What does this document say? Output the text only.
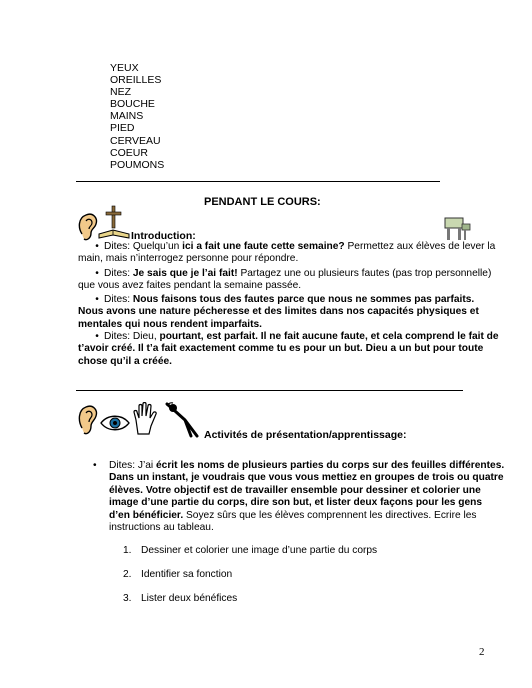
YEUX
OREILLES
NEZ
BOUCHE
MAINS
PIED
CERVEAU
COEUR
POUMONS
PENDANT LE COURS:
Introduction:
• Dites: Quelqu’un ici a fait une faute cette semaine? Permettez aux élèves de lever la main, mais n’interrogez personne pour répondre.
• Dites: Je sais que je l’ai fait! Partagez une ou plusieurs fautes (pas trop personnelle) que vous avez faites pendant la semaine passée.
• Dites: Nous faisons tous des fautes parce que nous ne sommes pas parfaits. Nous avons une nature pécheresse et des limites dans nos capacités physiques et mentales qui nous rendent imparfaits.
• Dites: Dieu, pourtant, est parfait. Il ne fait aucune faute, et cela comprend le fait de t’avoir créé. Il t’a fait exactement comme tu es pour un but. Dieu a un but pour toute chose qu’il a créée.
Activités de présentation/apprentissage:
• Dites: J’ai écrit les noms de plusieurs parties du corps sur des feuilles différentes. Dans un instant, je voudrais que vous vous mettiez en groupes de trois ou quatre élèves. Votre objectif est de travailler ensemble pour dessiner et colorier une image d’une partie du corps, dire son but, et lister deux façons pour les gens d’en bénéficier. Soyez sûrs que les élèves comprennent les directives. Ecrire les instructions au tableau.
1. Dessiner et colorier une image d’une partie du corps
2. Identifier sa fonction
3. Lister deux bénéfices
2
